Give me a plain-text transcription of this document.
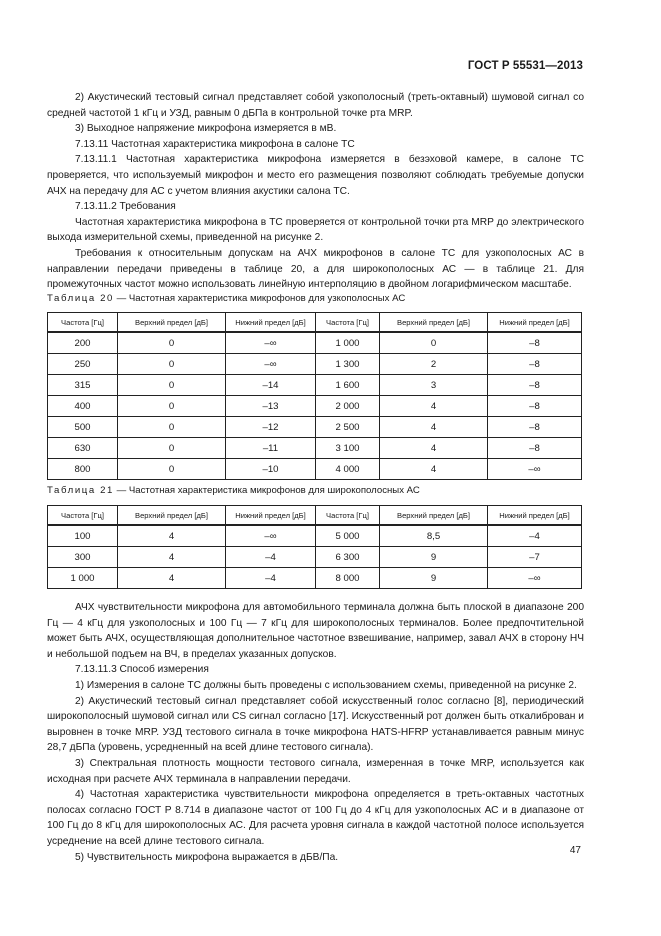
ГОСТ Р 55531—2013

2) Акустический тестовый сигнал представляет собой узкополосный (треть-октавный) шумовой сигнал со средней частотой 1 кГц и УЗД, равным 0 дБПа в контрольной точке рта MRP.

3) Выходное напряжение микрофона измеряется в мВ.

7.13.11 Частотная характеристика микрофона в салоне ТС

7.13.11.1 Частотная характеристика микрофона измеряется в безэховой камере, в салоне ТС проверяется, что используемый микрофон и место его размещения позволяют соблюдать требуемые допуски АЧХ на передачу для АС с учетом влияния акустики салона ТС.

7.13.11.2 Требования

Частотная характеристика микрофона в ТС проверяется от контрольной точки рта MRP до электрического выхода измерительной схемы, приведенной на рисунке 2.

Требования к относительным допускам на АЧХ микрофонов в салоне ТС для узкополосных АС в направлении передачи приведены в таблице 20, а для широкополосных АС — в таблице 21. Для промежуточных частот можно использовать линейную интерполяцию в двойном логарифмическом масштабе.

Таблица 20 — Частотная характеристика микрофонов для узкополосных АС
Частота [Гц]	Верхний предел [дБ]	Нижний предел [дБ]	Частота [Гц]	Верхний предел [дБ]	Нижний предел [дБ]
200	0	–∞	1 000	0	–8
250	0	–∞	1 300	2	–8
315	0	–14	1 600	3	–8
400	0	–13	2 000	4	–8
500	0	–12	2 500	4	–8
630	0	–11	3 100	4	–8
800	0	–10	4 000	4	–∞
Таблица 21 — Частотная характеристика микрофонов для широкополосных АС
Частота [Гц]	Верхний предел [дБ]	Нижний предел [дБ]	Частота [Гц]	Верхний предел [дБ]	Нижний предел [дБ]
100	4	–∞	5 000	8,5	–4
300	4	–4	6 300	9	–7
1 000	4	–4	8 000	9	–∞

АЧХ чувствительности микрофона для автомобильного терминала должна быть плоской в диапазоне 200 Гц — 4 кГц для узкополосных и 100 Гц — 7 кГц для широкополосных терминалов. Более предпочтительной может быть АЧХ, осуществляющая дополнительное частотное взвешивание, например, завал АЧХ в сторону НЧ и небольшой подъем на ВЧ, в пределах указанных допусков.

7.13.11.3 Способ измерения

1) Измерения в салоне ТС должны быть проведены с использованием схемы, приведенной на рисунке 2.

2) Акустический тестовый сигнал представляет собой искусственный голос согласно [8], периодический широкополосный шумовой сигнал или CS сигнал согласно [17]. Искусственный рот должен быть откалиброван и выровнен в точке MRP. УЗД тестового сигнала в точке микрофона HATS-HFRP устанавливается равным минус 28,7 дБПа (уровень, усредненный на всей длине тестового сигнала).

3) Спектральная плотность мощности тестового сигнала, измеренная в точке MRP, используется как исходная при расчете АЧХ терминала в направлении передачи.

4) Частотная характеристика чувствительности микрофона определяется в треть-октавных частотных полосах согласно ГОСТ Р 8.714 в диапазоне частот от 100 Гц до 4 кГц для узкополосных АС и в диапазоне от 100 Гц до 8 кГц для широкополосных АС. Для расчета уровня сигнала в каждой частотной полосе используется усреднение на всей длине тестового сигнала.

5) Чувствительность микрофона выражается в дБВ/Па.

47
